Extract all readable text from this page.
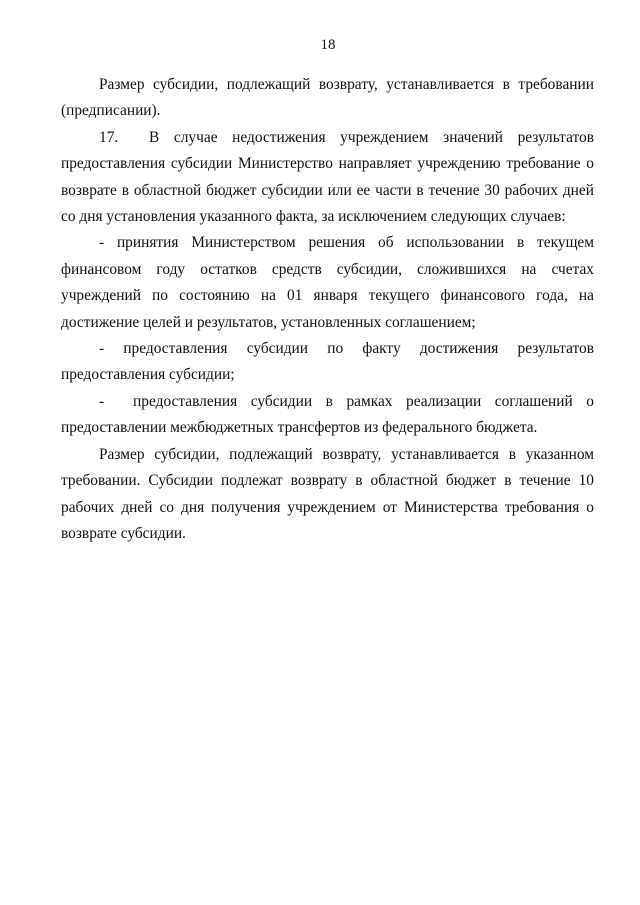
18

Размер субсидии, подлежащий возврату, устанавливается в требовании (предписании).

17.  В случае недостижения учреждением значений результатов предоставления субсидии Министерство направляет учреждению требование о возврате в областной бюджет субсидии или ее части в течение 30 рабочих дней со дня установления указанного факта, за исключением следующих случаев:

- принятия Министерством решения об использовании в текущем финансовом году остатков средств субсидии, сложившихся на счетах учреждений по состоянию на 01 января текущего финансового года, на достижение целей и результатов, установленных соглашением;

- предоставления субсидии по факту достижения результатов предоставления субсидии;

-  предоставления субсидии в рамках реализации соглашений о предоставлении межбюджетных трансфертов из федерального бюджета.

Размер субсидии, подлежащий возврату, устанавливается в указанном требовании. Субсидии подлежат возврату в областной бюджет в течение 10 рабочих дней со дня получения учреждением от Министерства требования о возврате субсидии.
